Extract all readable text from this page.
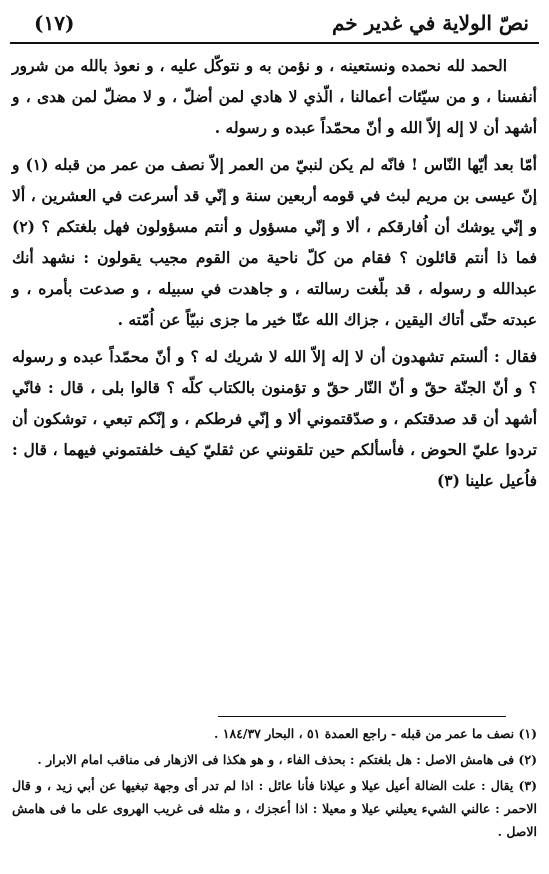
(١٧)	نصّ الولاية في غدير خم

الحمد لله نحمده ونستعينه ، و نؤمن به و نتوكّل عليه ، و نعوذ بالله من شرور أنفسنا ، و من سيّئات أعمالنا ، الّذي لا هادي لمن أضلّ ، و لا مضلّ لمن هدى ، و أشهد أن لا إله إلاّ الله و أنّ محمّداً عبده و رسوله .

أمّا بعد أيّها النّاس ! فانّه لم يكن لنبيّ من العمر إلاّ نصف من عمر من قبله (١) و إنّ عيسى بن مريم لبث في قومه أربعين سنة و إنّي قد أسرعت في العشرين ، ألا و إنّي يوشك أن اُفارقكم ، ألا و إنّي مسؤول و أنتم مسؤولون فهل بلغتكم ؟ (٢) فما ذا أنتم قائلون ؟ فقام من كلّ ناحية من القوم مجيب يقولون : نشهد أنك عبدالله و رسوله ، قد بلّغت رسالته ، و جاهدت في سبيله ، و صدعت بأمره ، و عبدته حتّى أتاك اليقين ، جزاك الله عنّا خير ما جزى نبيّاً عن اُمّته .

فقال : ألستم تشهدون أن لا إله إلاّ الله لا شريك له ؟ و أنّ محمّداً عبده و رسوله ؟ و أنّ الجنّة حقّ و أنّ النّار حقّ و تؤمنون بالكتاب كلّه ؟ قالوا بلى ، قال : فانّي أشهد أن قد صدقتكم ، و صدّقتموني ألا و إنّي فرطكم ، و إنّكم تبعي ، توشكون أن تردوا عليّ الحوض ، فأسألكم حين تلقونني عن ثقليّ كيف خلفتموني فيهما ، قال : فاُعيل علينا (٣)

(١) نصف ما عمر من قبله - راجع العمدة ٥١ ، البحار ١٨٤/٣٧ .

(٢) فى هامش الاصل : هل بلغتكم : بحذف الفاء ، و هو هكذا فى الازهار فى مناقب امام الابرار .

(٣) يقال : علت الضالة أعيل عيلا و عيلانا فأنا عائل : اذا لم تدر أى وجهة تبغيها عن أبي زيد ، و قال الاحمر : عالني الشيء يعيلني عيلا و معيلا : اذا أعجزك ، و مثله فى غريب الهروى على ما فى هامش الاصل .
